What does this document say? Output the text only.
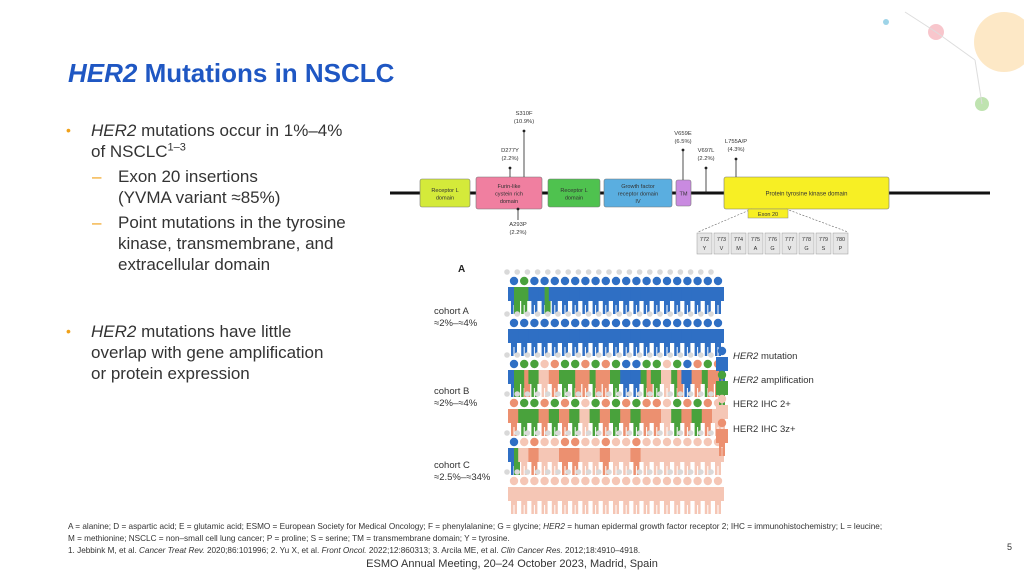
HER2 Mutations in NSCLC
• HER2 mutations occur in 1%–4%
of NSCLC$^{1-3}$
– Exon 20 insertions
(YVMA variant ≈85%)
– Point mutations in the tyrosine
kinase, transmembrane, and
extracellular domain
• HER2 mutations have little
overlap with gene amplification
or protein expression
Receptor L
domain
Furin-like
cystein rich
domain
Receptor L
domain
Growth factor
receptor domain
IV
TM	Protein tyrosine kinase domain
S310F
(10.9%)
D277Y
(2.2%)
A293P
(2.2%)
V659E
(6.5%)
V697L
(2.2%)
L755A/P
(4.3%)
Exon 20
772
Y
773
V
774
M
775
A
776
G
777
V
778
G
779
S
780
P
A
cohort A
≈2%–≈4%
cohort B
≈2%–≈4%
cohort C
≈2.5%–≈34%
HER2 mutation
HER2 amplification
HER2 IHC 2+
HER2 IHC 3z+
A = alanine; D = aspartic acid; E = glutamic acid; ESMO = European Society for Medical Oncology; F = phenylalanine; G = glycine; HER2 = human epidermal growth factor receptor 2; IHC = immunohistochemistry; L = leucine;
M = methionine; NSCLC = non–small cell lung cancer; P = proline; S = serine; TM = transmembrane domain; Y = tyrosine.
1. Jebbink M, et al. Cancer Treat Rev. 2020;86:101996; 2. Yu X, et al. Front Oncol. 2022;12:860313; 3. Arcila ME, et al. Clin Cancer Res. 2012;18:4910–4918.	5
ESMO Annual Meeting, 20–24 October 2023, Madrid, Spain
